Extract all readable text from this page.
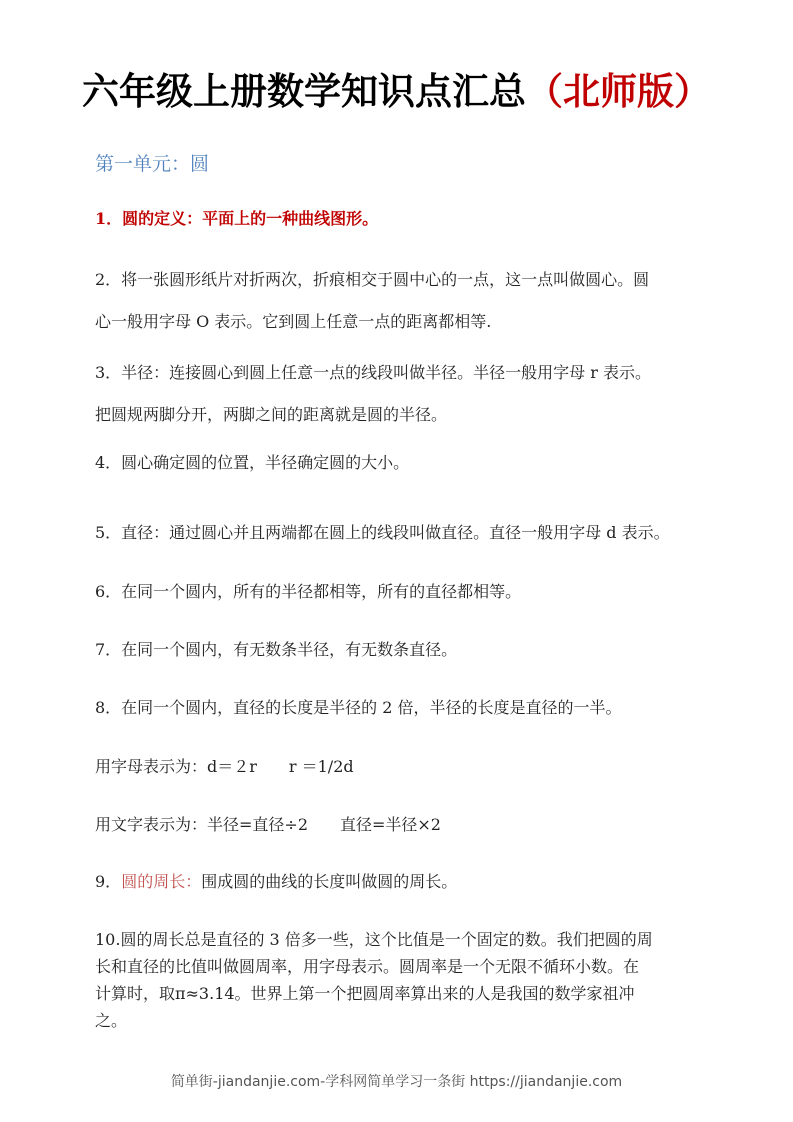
六年级上册数学知识点汇总（北师版）
第一单元：圆
1．圆的定义：平面上的一种曲线图形。
2．将一张圆形纸片对折两次，折痕相交于圆中心的一点，这一点叫做圆心。圆
心一般用字母 O 表示。它到圆上任意一点的距离都相等.
3．半径：连接圆心到圆上任意一点的线段叫做半径。半径一般用字母 r 表示。
把圆规两脚分开，两脚之间的距离就是圆的半径。
4．圆心确定圆的位置，半径确定圆的大小。
5．直径：通过圆心并且两端都在圆上的线段叫做直径。直径一般用字母 d 表示。
6．在同一个圆内，所有的半径都相等，所有的直径都相等。
7．在同一个圆内，有无数条半径，有无数条直径。
8．在同一个圆内，直径的长度是半径的 2 倍，半径的长度是直径的一半。
用字母表示为：d＝２r　　r ＝1/2d
用文字表示为：半径=直径÷2　　直径=半径×2
9．圆的周长：围成圆的曲线的长度叫做圆的周长。
10.圆的周长总是直径的 3 倍多一些，这个比值是一个固定的数。我们把圆的周
长和直径的比值叫做圆周率，用字母表示。圆周率是一个无限不循环小数。在
计算时，取π≈3.14。世界上第一个把圆周率算出来的人是我国的数学家祖冲
之。
简单街-jiandanjie.com-学科网简单学习一条街 https://jiandanjie.com
